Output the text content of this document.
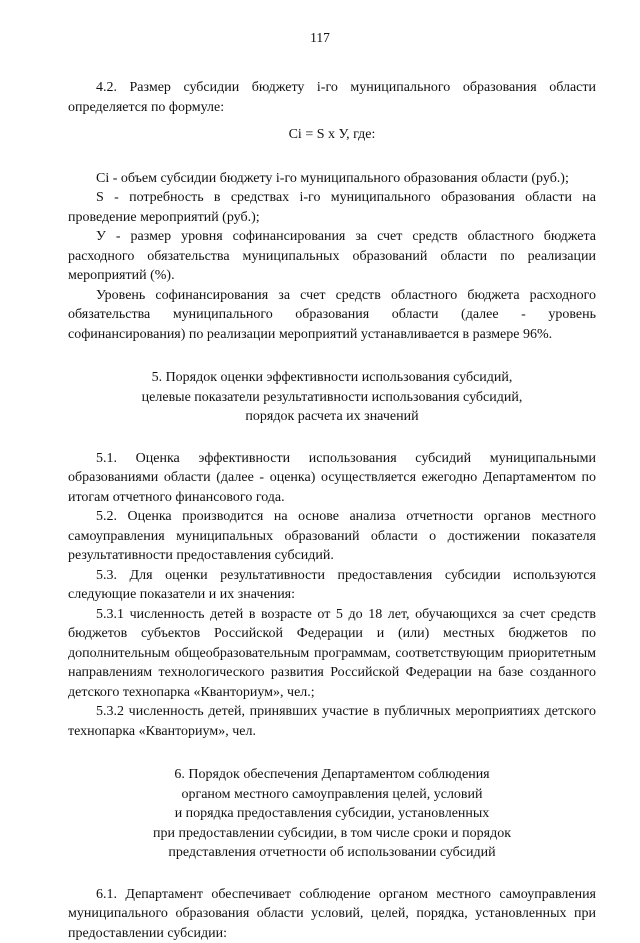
117

4.2. Размер субсидии бюджету i-го муниципального образования области определяется по формуле:

Сi = S х У, где:

Сi - объем субсидии бюджету i-го муниципального образования области (руб.);

S - потребность в средствах i-го муниципального образования области на проведение мероприятий (руб.);

У - размер уровня софинансирования за счет средств областного бюджета расходного обязательства муниципальных образований области по реализации мероприятий (%).

Уровень софинансирования за счет средств областного бюджета расходного обязательства муниципального образования области (далее - уровень софинансирования) по реализации мероприятий устанавливается в размере 96%.

5. Порядок оценки эффективности использования субсидий,

целевые показатели результативности использования субсидий,

порядок расчета их значений

5.1. Оценка эффективности использования субсидий муниципальными образованиями области (далее - оценка) осуществляется ежегодно Департаментом по итогам отчетного финансового года.

5.2. Оценка производится на основе анализа отчетности органов местного самоуправления муниципальных образований области о достижении показателя результативности предоставления субсидий.

5.3. Для оценки результативности предоставления субсидии используются следующие показатели и их значения:

5.3.1 численность детей в возрасте от 5 до 18 лет, обучающихся за счет средств бюджетов субъектов Российской Федерации и (или) местных бюджетов по дополнительным общеобразовательным программам, соответствующим приоритетным направлениям технологического развития Российской Федерации на базе созданного детского технопарка «Кванториум», чел.;

5.3.2 численность детей, принявших участие в публичных мероприятиях детского технопарка «Кванториум», чел.

6. Порядок обеспечения Департаментом соблюдения

органом местного самоуправления целей, условий

и порядка предоставления субсидии, установленных

при предоставлении субсидии, в том числе сроки и порядок

представления отчетности об использовании субсидий

6.1. Департамент обеспечивает соблюдение органом местного самоуправления муниципального образования области условий, целей, порядка, установленных при предоставлении субсидии:
